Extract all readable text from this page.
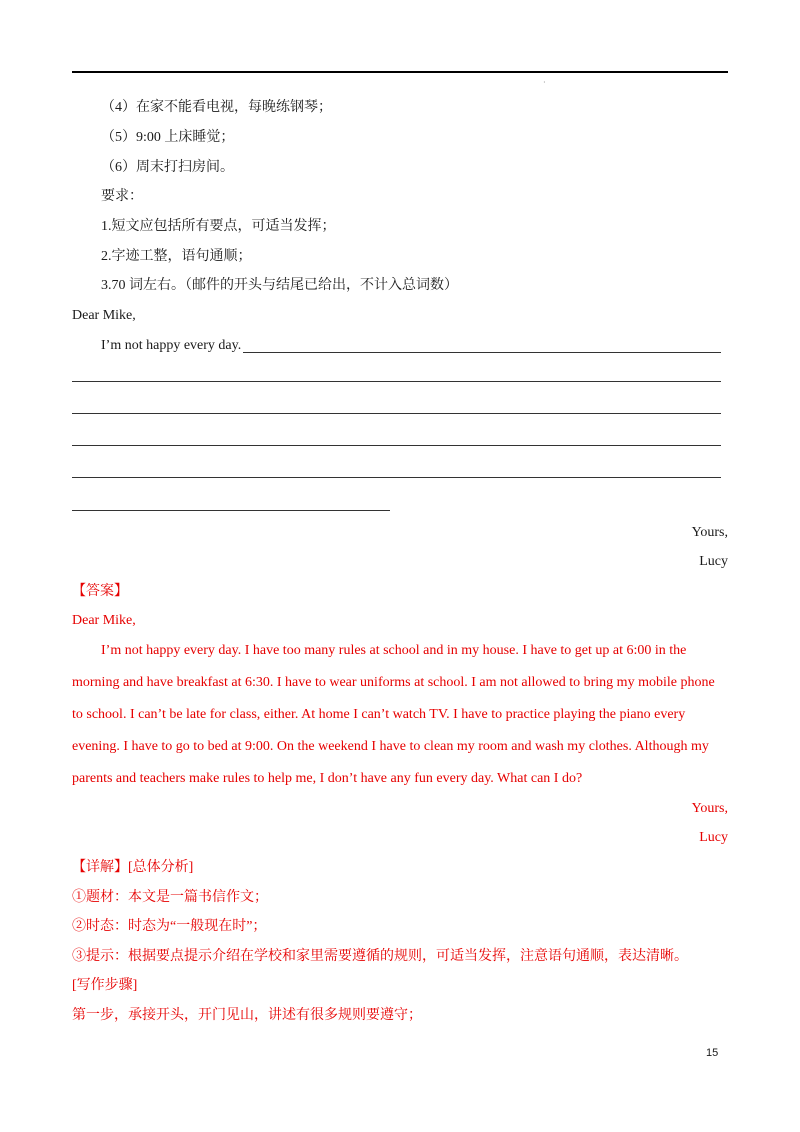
·
（4）在家不能看电视，每晚练钢琴；
（5）9:00 上床睡觉；
（6）周末打扫房间。
要求：
1.短文应包括所有要点，可适当发挥；
2.字迹工整，语句通顺；
3.70 词左右。（邮件的开头与结尾已给出，不计入总词数）
Dear Mike,
I’m not happy every day.
Yours,
Lucy
【答案】
Dear Mike,
I’m not happy every day. I have too many rules at school and in my house. I have to get up at 6:00 in the
morning and have breakfast at 6:30. I have to wear uniforms at school. I am not allowed to bring my mobile phone
to school. I can’t be late for class, either. At home I can’t watch TV. I have to practice playing the piano every
evening. I have to go to bed at 9:00. On the weekend I have to clean my room and wash my clothes. Although my
parents and teachers make rules to help me, I don’t have any fun every day. What can I do?
Yours,
Lucy
【详解】[总体分析]
①题材：本文是一篇书信作文；
②时态：时态为“一般现在时”；
③提示：根据要点提示介绍在学校和家里需要遵循的规则，可适当发挥，注意语句通顺，表达清晰。
[写作步骤]
第一步，承接开头，开门见山，讲述有很多规则要遵守；
15
